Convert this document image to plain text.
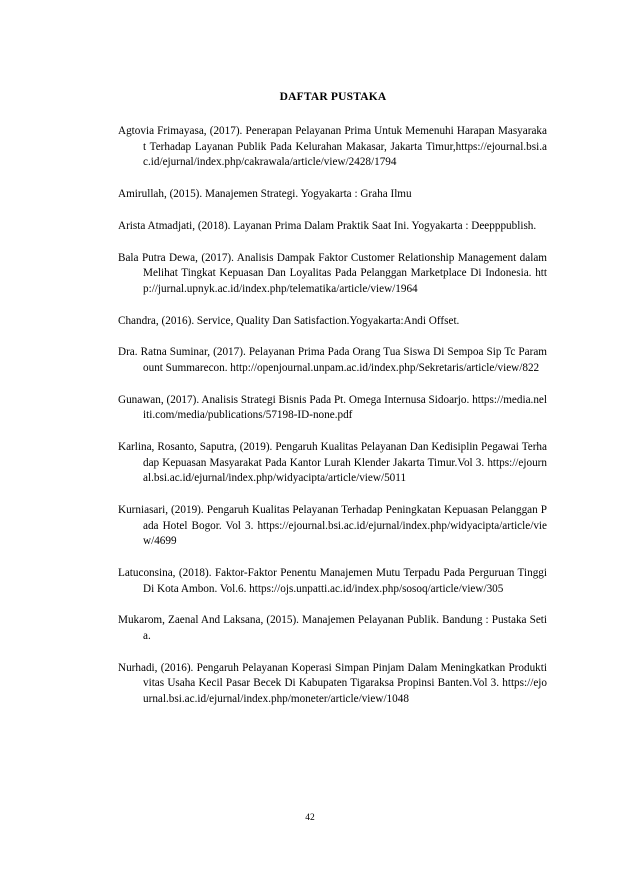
DAFTAR PUSTAKA
Agtovia Frimayasa, (2017). Penerapan Pelayanan Prima Untuk Memenuhi Harapan Masyarakat Terhadap Layanan Publik Pada Kelurahan Makasar, Jakarta Timur,https://ejournal.bsi.ac.id/ejurnal/index.php/cakrawala/article/view/2428/1794
Amirullah, (2015). Manajemen Strategi. Yogyakarta : Graha Ilmu
Arista Atmadjati, (2018). Layanan Prima Dalam Praktik Saat Ini. Yogyakarta : Deepppublish.
Bala Putra Dewa, (2017). Analisis Dampak Faktor Customer Relationship Management dalam Melihat Tingkat Kepuasan Dan Loyalitas Pada Pelanggan Marketplace Di Indonesia. http://jurnal.upnyk.ac.id/index.php/telematika/article/view/1964
Chandra, (2016). Service, Quality Dan Satisfaction.Yogyakarta:Andi Offset.
Dra. Ratna Suminar, (2017). Pelayanan Prima Pada Orang Tua Siswa Di Sempoa Sip Tc Paramount Summarecon. http://openjournal.unpam.ac.id/index.php/Sekretaris/article/view/822
Gunawan, (2017). Analisis Strategi Bisnis Pada Pt. Omega Internusa Sidoarjo. https://media.neliti.com/media/publications/57198-ID-none.pdf
Karlina, Rosanto, Saputra, (2019). Pengaruh Kualitas Pelayanan Dan Kedisiplin Pegawai Terhadap Kepuasan Masyarakat Pada Kantor Lurah Klender Jakarta Timur.Vol 3. https://ejournal.bsi.ac.id/ejurnal/index.php/widyacipta/article/view/5011
Kurniasari, (2019). Pengaruh Kualitas Pelayanan Terhadap Peningkatan Kepuasan Pelanggan Pada Hotel Bogor. Vol 3. https://ejournal.bsi.ac.id/ejurnal/index.php/widyacipta/article/view/4699
Latuconsina, (2018). Faktor-Faktor Penentu Manajemen Mutu Terpadu Pada Perguruan Tinggi Di Kota Ambon. Vol.6. https://ojs.unpatti.ac.id/index.php/sosoq/article/view/305
Mukarom, Zaenal And Laksana, (2015). Manajemen Pelayanan Publik. Bandung : Pustaka Setia.
Nurhadi, (2016). Pengaruh Pelayanan Koperasi Simpan Pinjam Dalam Meningkatkan Produktivitas Usaha Kecil Pasar Becek Di Kabupaten Tigaraksa Propinsi Banten.Vol 3. https://ejournal.bsi.ac.id/ejurnal/index.php/moneter/article/view/1048
42
